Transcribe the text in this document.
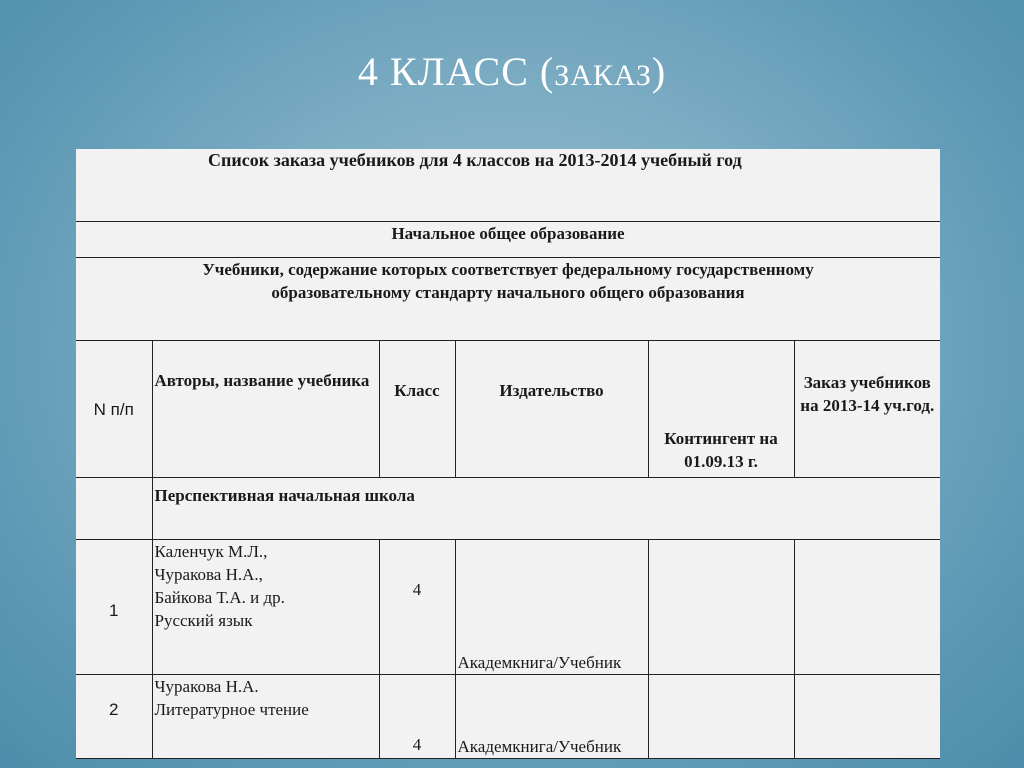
4 КЛАСС (ЗАКАЗ)
Список заказа учебников для 4 классов на 2013-2014 учебный год					
Начальное общее образование					

Учебники, содержание которых соответствует федеральному государственному
образовательному стандарту начального общего образования					

N п/п	Авторы, название учебника	Класс	Издательство	Контингент на 01.09.13 г.	Заказ учебников на 2013-14 уч.год.
	Перспективная начальная школа				
1	Каленчук М.Л.,
Чуракова Н.А.,
Байкова Т.А. и др.
Русский язык	4	Академкнига/Учебник		
2	Чуракова Н.А.
Литературное чтение	4	Академкнига/Учебник		
